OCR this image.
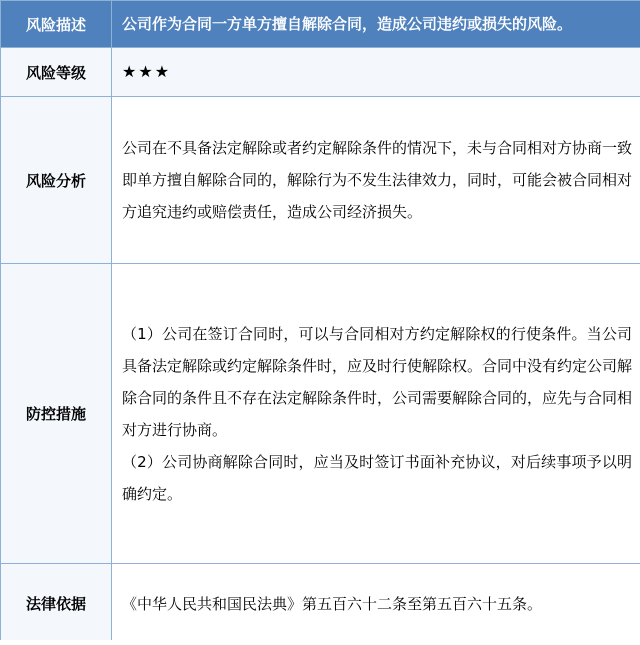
风险描述	公司作为合同一方单方擅自解除合同，造成公司违约或损失的风险。
风险等级	★★★
风险分析	公司在不具备法定解除或者约定解除条件的情况下，未与合同相对方协商一致即单方擅自解除合同的，解除行为不发生法律效力，同时，可能会被合同相对方追究违约或赔偿责任，造成公司经济损失。
防控措施	（1）公司在签订合同时，可以与合同相对方约定解除权的行使条件。当公司具备法定解除或约定解除条件时，应及时行使解除权。合同中没有约定公司解除合同的条件且不存在法定解除条件时，公司需要解除合同的，应先与合同相对方进行协商。
（2）公司协商解除合同时，应当及时签订书面补充协议，对后续事项予以明确约定。

法律依据	《中华人民共和国民法典》第五百六十二条至第五百六十五条。
